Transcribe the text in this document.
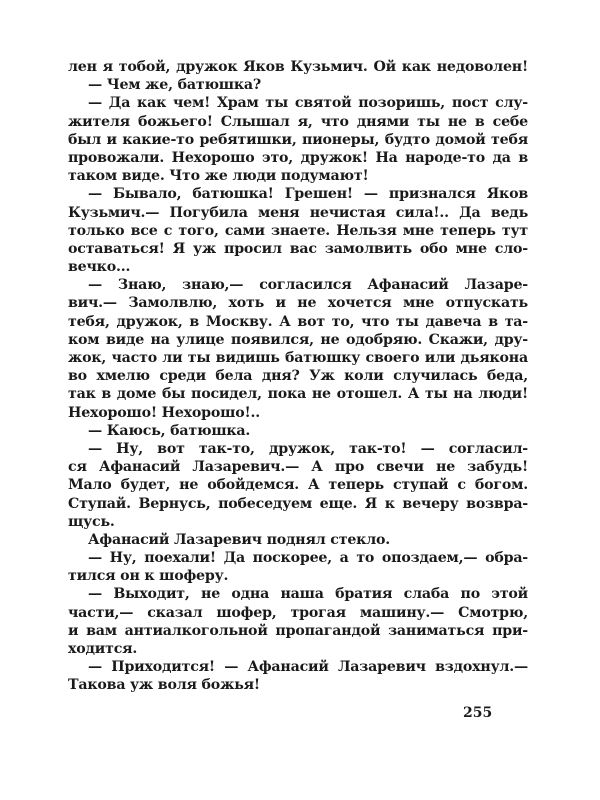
лен я тобой, дружок Яков Кузьмич. Ой как недоволен!
— Чем же, батюшка?
— Да как чем! Храм ты святой позоришь, пост слу-
жителя божьего! Слышал я, что днями ты не в себе
был и какие-то ребятишки, пионеры, будто домой тебя
провожали. Нехорошо это, дружок! На народе-то да в
таком виде. Что же люди подумают!
— Бывало, батюшка! Грешен! — признался Яков
Кузьмич.— Погубила меня нечистая сила!.. Да ведь
только все с того, сами знаете. Нельзя мне теперь тут
оставаться! Я уж просил вас замолвить обо мне сло-
вечко...
— Знаю, знаю,— согласился Афанасий Лазаре-
вич.— Замолвлю, хоть и не хочется мне отпускать
тебя, дружок, в Москву. А вот то, что ты давеча в та-
ком виде на улице появился, не одобряю. Скажи, дру-
жок, часто ли ты видишь батюшку своего или дьякона
во хмелю среди бела дня? Уж коли случилась беда,
так в доме бы посидел, пока не отошел. А ты на люди!
Нехорошо! Нехорошо!..
— Каюсь, батюшка.
— Ну, вот так-то, дружок, так-то! — согласил-
ся Афанасий Лазаревич.— А про свечи не забудь!
Мало будет, не обойдемся. А теперь ступай с богом.
Ступай. Вернусь, побеседуем еще. Я к вечеру возвра-
щусь.
Афанасий Лазаревич поднял стекло.
— Ну, поехали! Да поскорее, а то опоздаем,— обра-
тился он к шоферу.
— Выходит, не одна наша братия слаба по этой
части,— сказал шофер, трогая машину.— Смотрю,
и вам антиалкогольной пропагандой заниматься при-
ходится.
— Приходится! — Афанасий Лазаревич вздохнул.—
Такова уж воля божья!
255
